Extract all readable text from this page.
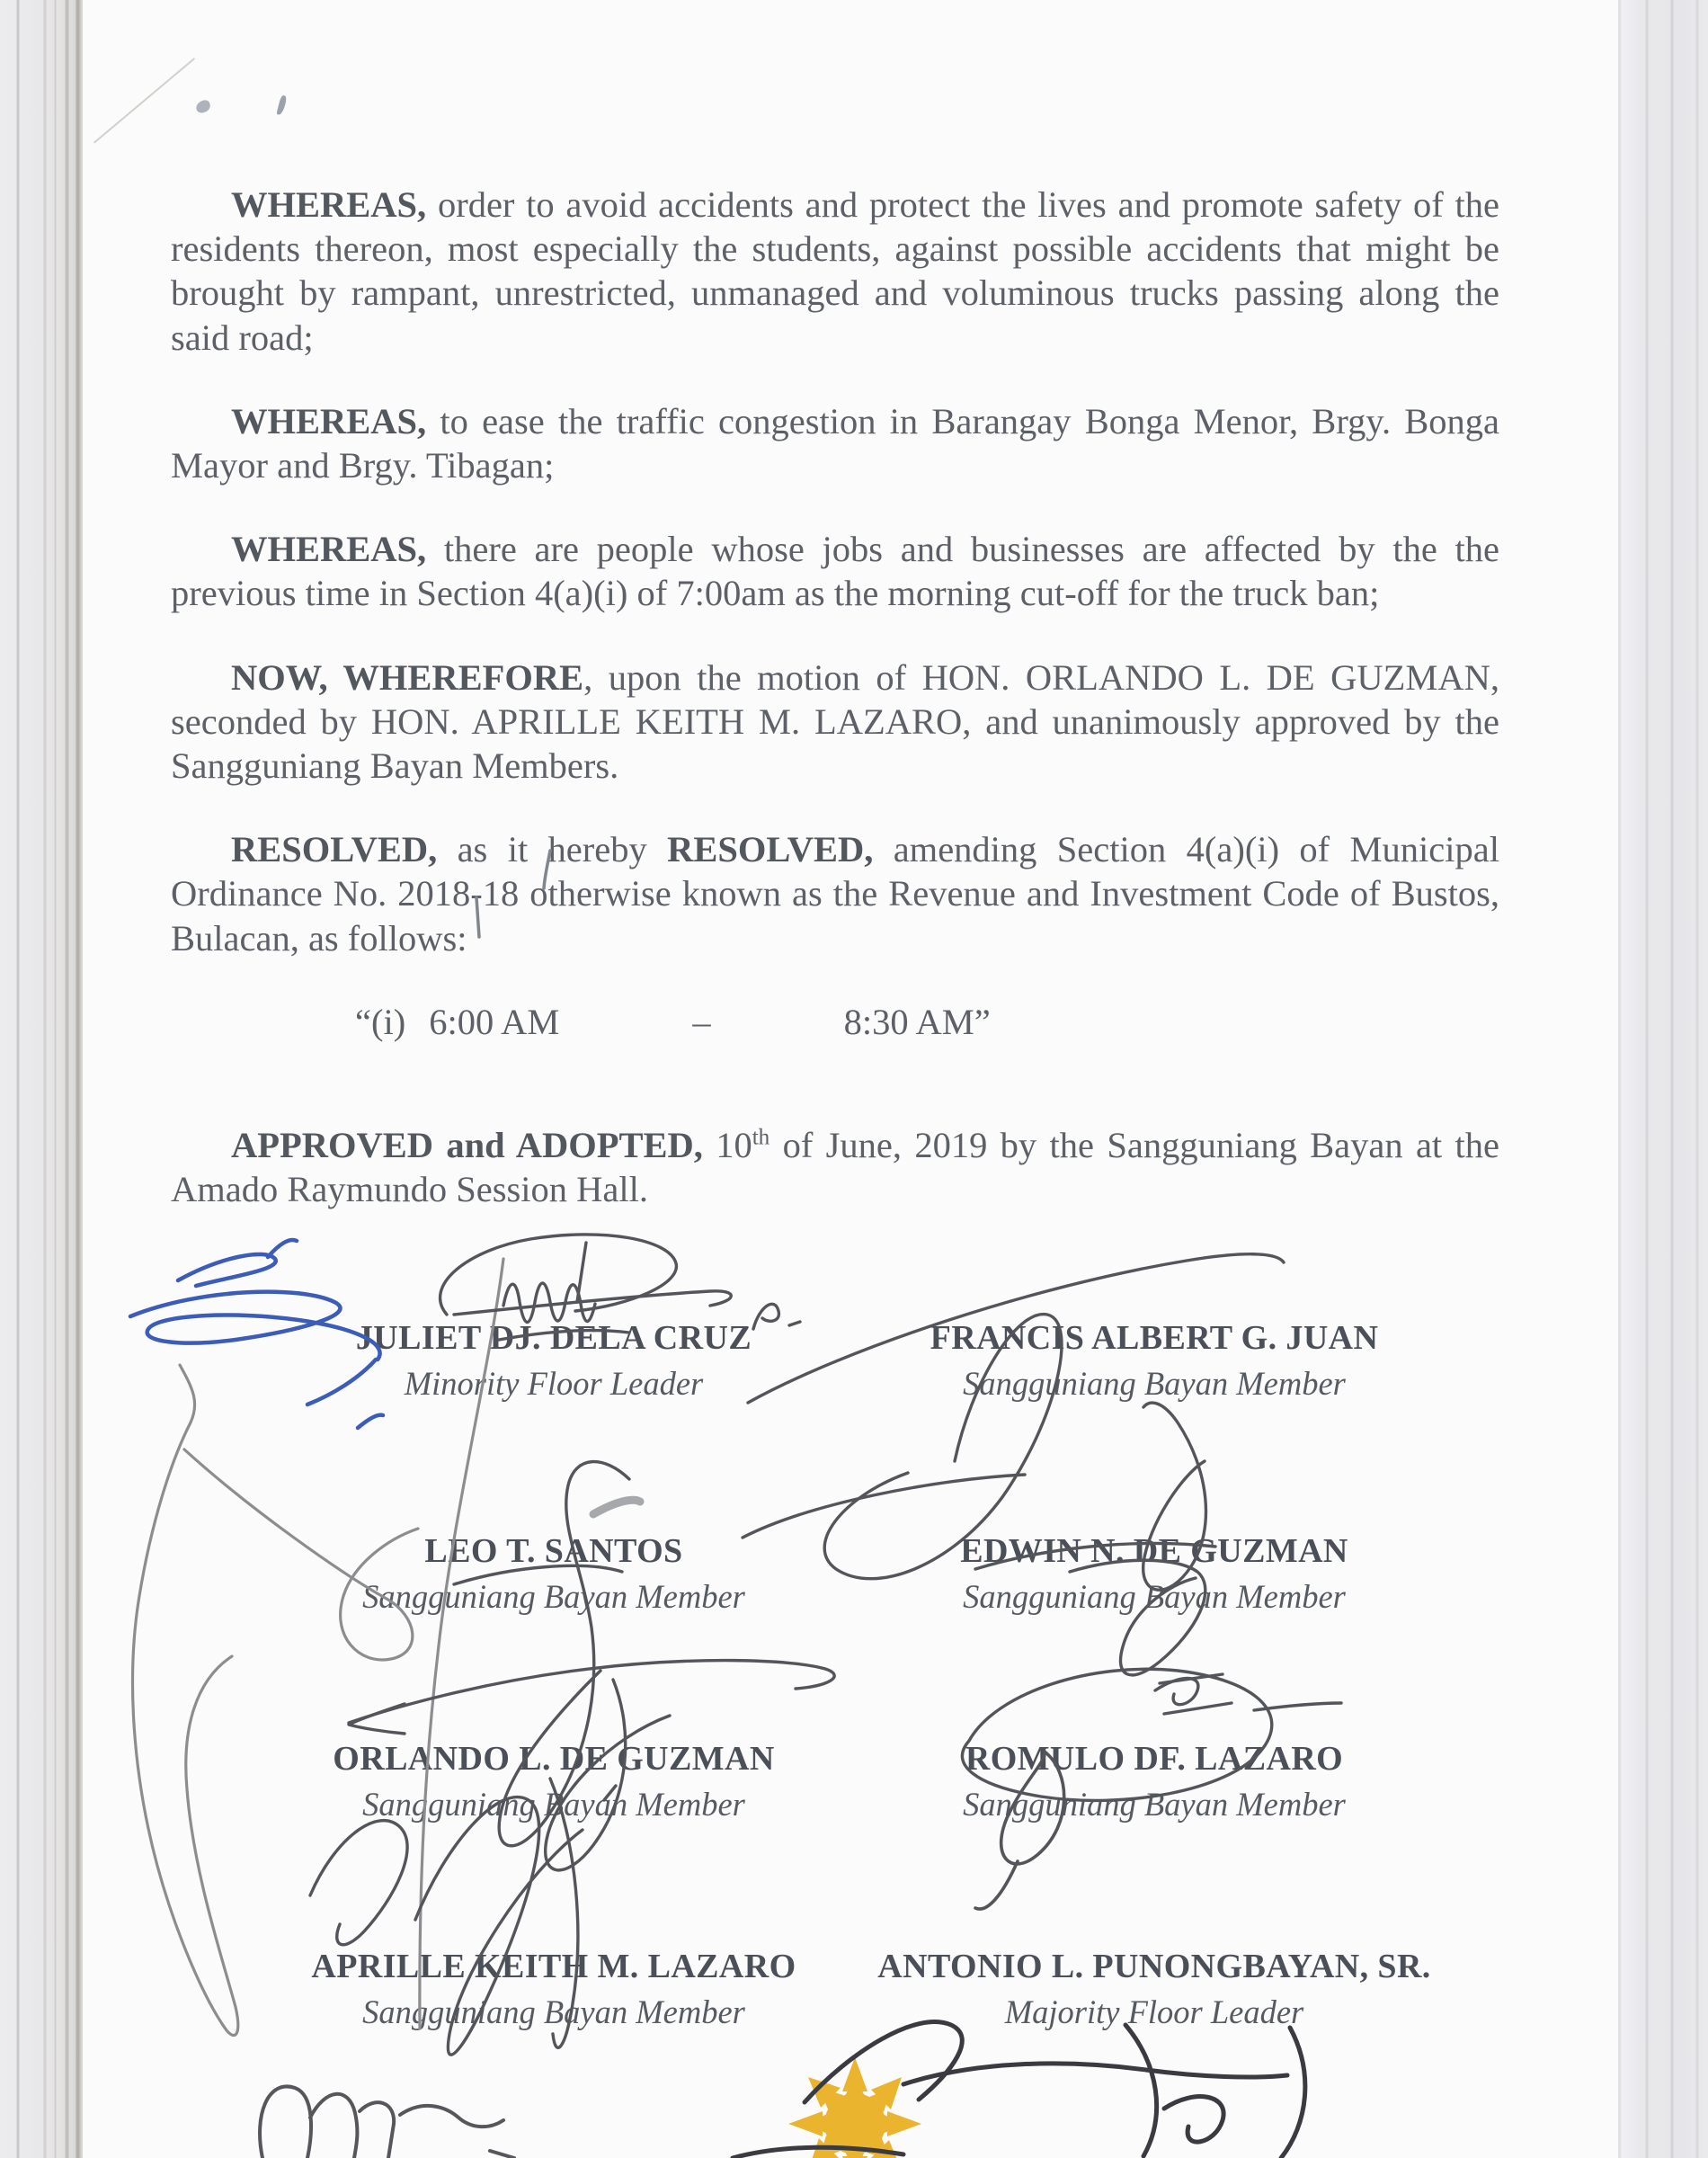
WHEREAS, order to avoid accidents and protect the lives and promote safety of the residents thereon, most especially the students, against possible accidents that might be brought by rampant, unrestricted, unmanaged and voluminous trucks passing along the said road;

WHEREAS, to ease the traffic congestion in Barangay Bonga Menor, Brgy. Bonga Mayor and Brgy. Tibagan;

WHEREAS, there are people whose jobs and businesses are affected by the the previous time in Section 4(a)(i) of 7:00am as the morning cut-off for the truck ban;

NOW, WHEREFORE, upon the motion of HON. ORLANDO L. DE GUZMAN, seconded by HON. APRILLE KEITH M. LAZARO, and unanimously approved by the Sangguniang Bayan Members.

RESOLVED, as it hereby RESOLVED, amending Section 4(a)(i) of Municipal Ordinance No. 2018-18 otherwise known as the Revenue and Investment Code of Bustos, Bulacan, as follows:

“(i) 6:00 AM	–	8:30 AM”

APPROVED and ADOPTED, 10th of June, 2019 by the Sangguniang Bayan at the Amado Raymundo Session Hall.

JULIET DJ. DELA CRUZ
Minority Floor Leader
FRANCIS ALBERT G. JUAN
Sangguniang Bayan Member
LEO T. SANTOS
Sangguniang Bayan Member
EDWIN N. DE GUZMAN
Sangguniang Bayan Member
ORLANDO L. DE GUZMAN
Sangguniang Bayan Member
ROMULO DF. LAZARO
Sangguniang Bayan Member
APRILLE KEITH M. LAZARO
Sangguniang Bayan Member
ANTONIO L. PUNONGBAYAN, SR.
Majority Floor Leader
